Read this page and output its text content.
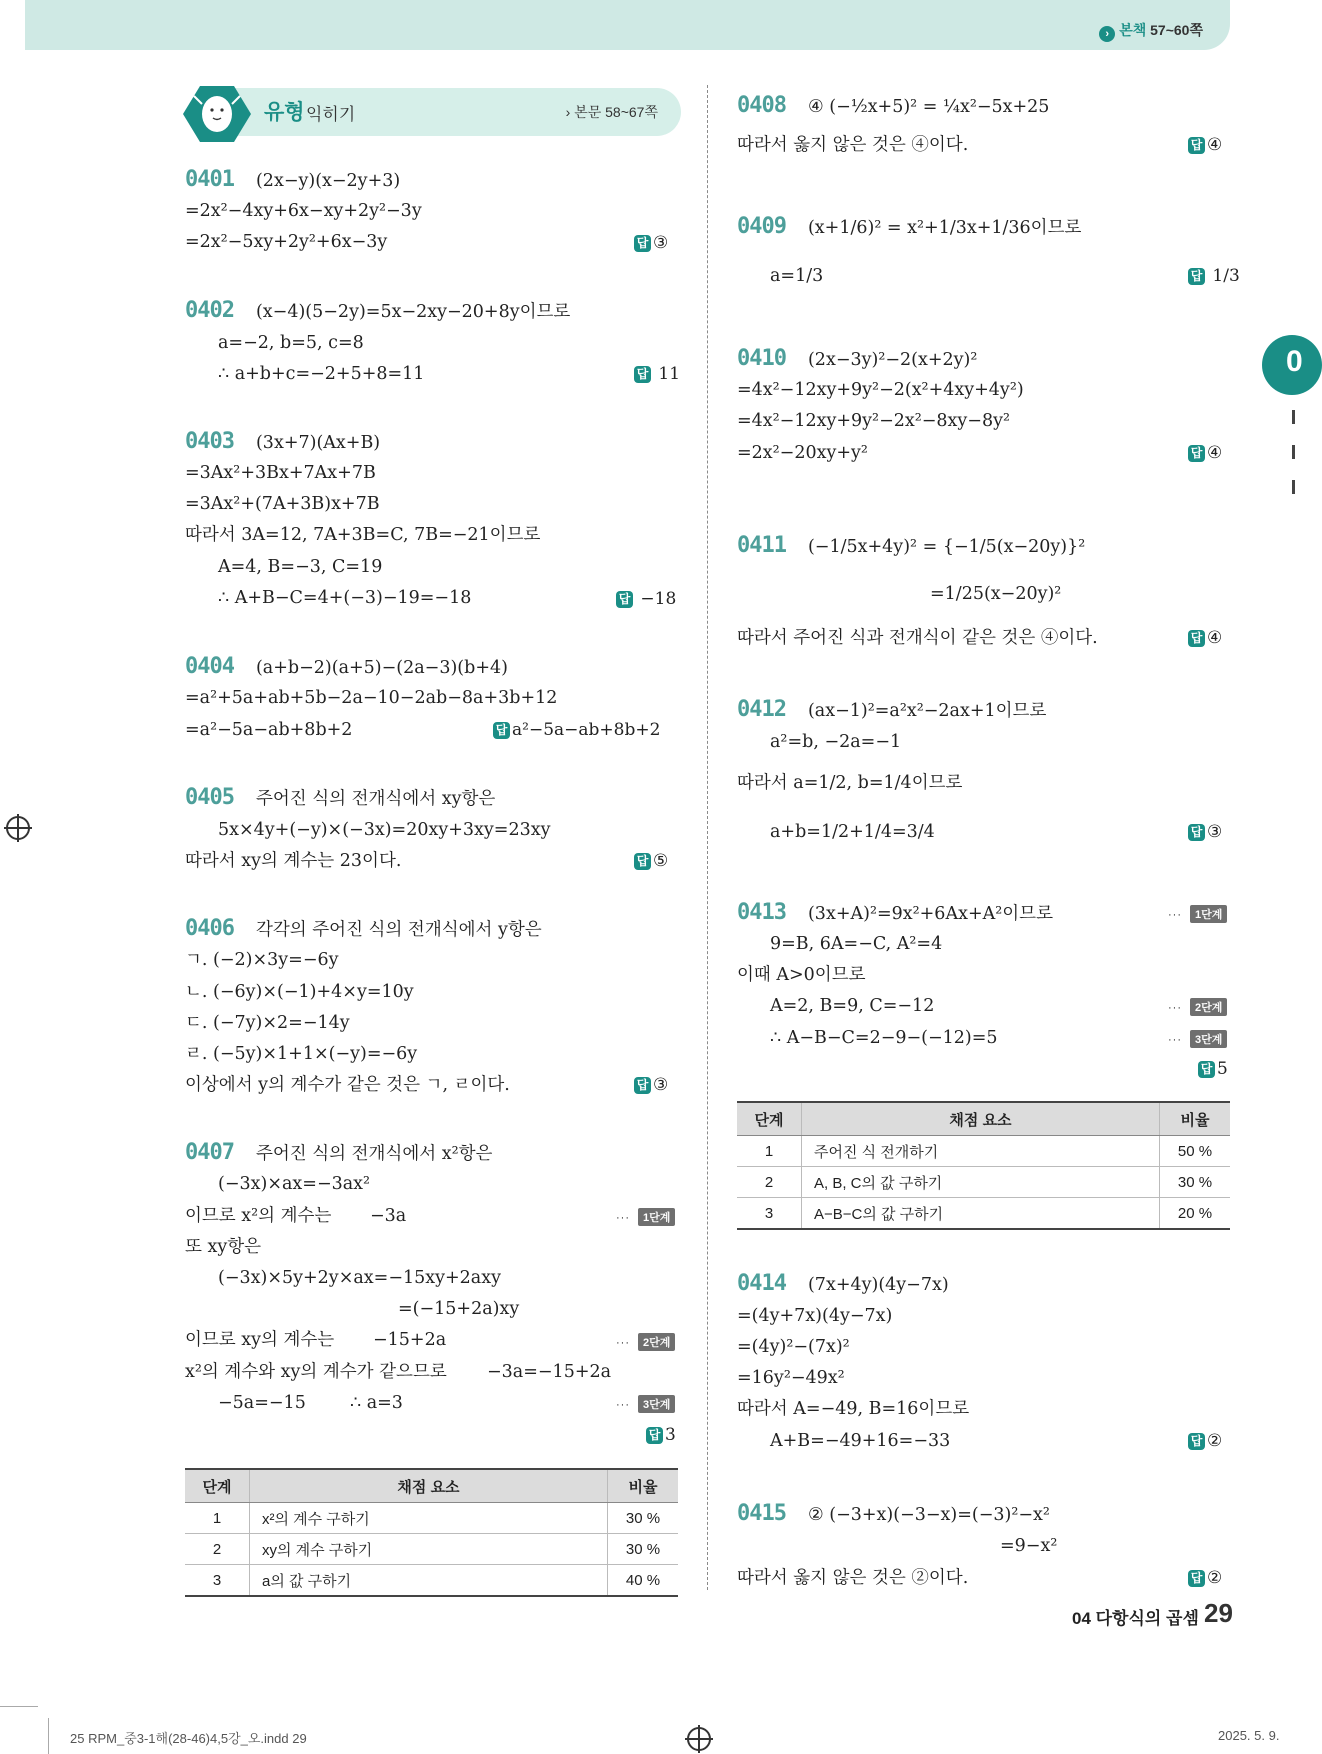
› 본책 57~60쪽
0
유형 익히기	› 본문 58~67쪽
0401 (2x−y)(x−2y+3)
=2x²−4xy+6x−xy+2y²−3y
=2x²−5xy+2y²+6x−3y	답 ③
0402 (x−4)(5−2y)=5x−2xy−20+8y이므로
a=−2, b=5, c=8
∴ a+b+c=−2+5+8=11	답 11
0403 (3x+7)(Ax+B)
=3Ax²+3Bx+7Ax+7B
=3Ax²+(7A+3B)x+7B
따라서 3A=12, 7A+3B=C, 7B=−21이므로
A=4, B=−3, C=19
∴ A+B−C=4+(−3)−19=−18	답 −18
0404 (a+b−2)(a+5)−(2a−3)(b+4)
=a²+5a+ab+5b−2a−10−2ab−8a+3b+12
=a²−5a−ab+8b+2	답 a²−5a−ab+8b+2
0405 주어진 식의 전개식에서 xy항은
5x×4y+(−y)×(−3x)=20xy+3xy=23xy
따라서 xy의 계수는 23이다.	답 ⑤
0406 각각의 주어진 식의 전개식에서 y항은
ㄱ. (−2)×3y=−6y
ㄴ. (−6y)×(−1)+4×y=10y
ㄷ. (−7y)×2=−14y
ㄹ. (−5y)×1+1×(−y)=−6y
이상에서 y의 계수가 같은 것은 ㄱ, ㄹ이다.	답 ③
0407 주어진 식의 전개식에서 x²항은
(−3x)×ax=−3ax²
이므로 x²의 계수는 −3a	··· 1단계
또 xy항은
(−3x)×5y+2y×ax=−15xy+2axy
=(−15+2a)xy
이므로 xy의 계수는 −15+2a	··· 2단계
x²의 계수와 xy의 계수가 같으므로 −3a=−15+2a
−5a=−15	∴ a=3	··· 3단계
답 3
단계	채점 요소	비율
1	x²의 계수 구하기	30 %
2	xy의 계수 구하기	30 %
3	a의 값 구하기	40 %
0408 ④ (−½x+5)² = ¼x²−5x+25
따라서 옳지 않은 것은 ④이다.	답 ④
0409 (x+1/6)² = x²+1/3x+1/36이므로
a=1/3	답 1/3
0410 (2x−3y)²−2(x+2y)²
=4x²−12xy+9y²−2(x²+4xy+4y²)
=4x²−12xy+9y²−2x²−8xy−8y²
=2x²−20xy+y²	답 ④
0411 (−1/5x+4y)² = {−1/5(x−20y)}²
=1/25(x−20y)²
따라서 주어진 식과 전개식이 같은 것은 ④이다.	답 ④
0412 (ax−1)²=a²x²−2ax+1이므로
a²=b, −2a=−1
따라서 a=1/2, b=1/4이므로
a+b=1/2+1/4=3/4	답 ③
0413 (3x+A)²=9x²+6Ax+A²이므로	··· 1단계
9=B, 6A=−C, A²=4
이때 A>0이므로
A=2, B=9, C=−12	··· 2단계
∴ A−B−C=2−9−(−12)=5	··· 3단계
답 5
단계	채점 요소	비율
1	주어진 식 전개하기	50 %
2	A, B, C의 값 구하기	30 %
3	A−B−C의 값 구하기	20 %
0414 (7x+4y)(4y−7x)
=(4y+7x)(4y−7x)
=(4y)²−(7x)²
=16y²−49x²
따라서 A=−49, B=16이므로
A+B=−49+16=−33	답 ②
0415 ② (−3+x)(−3−x)=(−3)²−x²
=9−x²
따라서 옳지 않은 것은 ②이다.	답 ②
04 다항식의 곱셈 29
25 RPM_중3-1해(28-46)4,5강_오.indd 29	2025. 5. 9.
